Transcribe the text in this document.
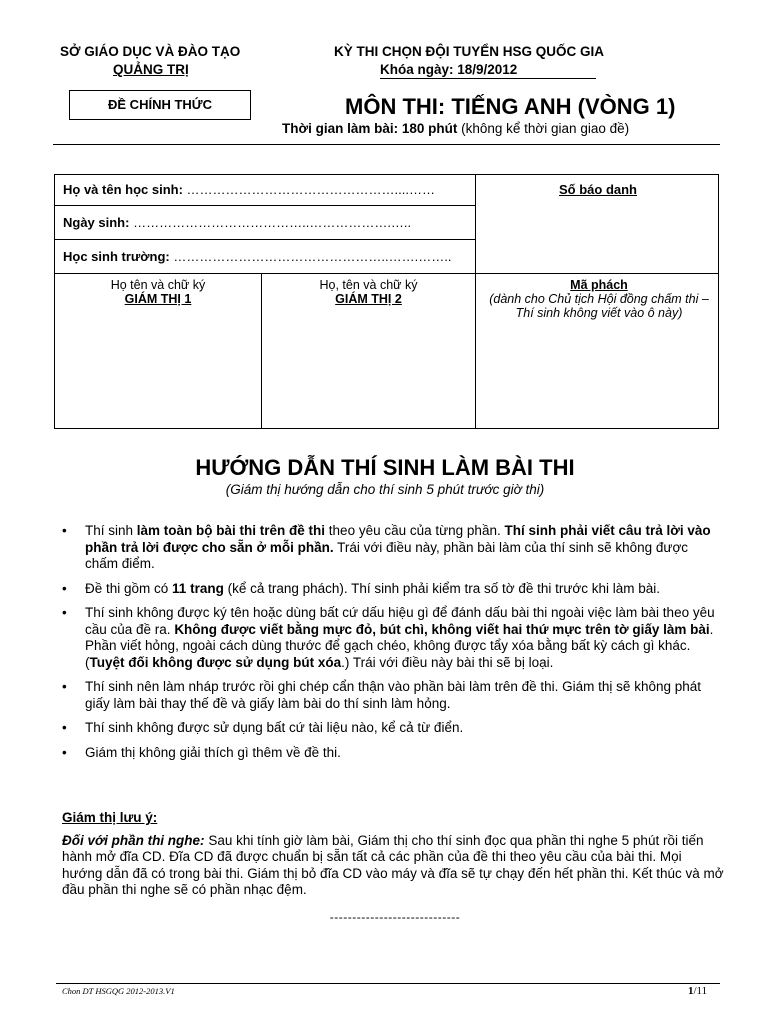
SỞ GIÁO DỤC VÀ ĐÀO TẠO
QUẢNG TRỊ
KỲ THI CHỌN ĐỘI TUYỂN HSG QUỐC GIA
Khóa ngày: 18/9/2012
ĐỀ CHÍNH THỨC	MÔN THI: TIẾNG ANH (VÒNG 1)
Thời gian làm bài: 180 phút (không kể thời gian giao đề)
Họ và tên học sinh: …………………………………………....……
Ngày sinh: …………………………………..……………….…..
Học sinh trường: …………………………………………..…….……..
Số báo danh
Họ tên và chữ ký
GIÁM THỊ 1
Họ, tên và chữ ký
GIÁM THỊ 2
Mã phách
(dành cho Chủ tịch Hội đồng chấm thi – Thí sinh không viết vào ô này)
HƯỚNG DẪN THÍ SINH LÀM BÀI THI
(Giám thị hướng dẫn cho thí sinh 5 phút trước giờ thi)
• Thí sinh làm toàn bộ bài thi trên đề thi theo yêu cầu của từng phần. Thí sinh phải viết câu trả lời vào phần trả lời được cho sẵn ở mỗi phần. Trái với điều này, phần bài làm của thí sinh sẽ không được chấm điểm.
• Đề thi gồm có 11 trang (kể cả trang phách). Thí sinh phải kiểm tra số tờ đề thi trước khi làm bài.
• Thí sinh không được ký tên hoặc dùng bất cứ dấu hiệu gì để đánh dấu bài thi ngoài việc làm bài theo yêu cầu của đề ra. Không được viết bằng mực đỏ, bút chì, không viết hai thứ mực trên tờ giấy làm bài. Phần viết hỏng, ngoài cách dùng thước để gạch chéo, không được tẩy xóa bằng bất kỳ cách gì khác. (Tuyệt đối không được sử dụng bút xóa.) Trái với điều này bài thi sẽ bị loại.
• Thí sinh nên làm nháp trước rồi ghi chép cẩn thận vào phần bài làm trên đề thi. Giám thị sẽ không phát giấy làm bài thay thế đề và giấy làm bài do thí sinh làm hỏng.
• Thí sinh không được sử dụng bất cứ tài liệu nào, kể cả từ điển.
• Giám thị không giải thích gì thêm về đề thi.
Giám thị lưu ý:
Đối với phần thi nghe: Sau khi tính giờ làm bài, Giám thị cho thí sinh đọc qua phần thi nghe 5 phút rồi tiến hành mở đĩa CD. Đĩa CD đã được chuẩn bị sẵn tất cả các phần của đề thi theo yêu cầu của bài thi. Mọi hướng dẫn đã có trong bài thi. Giám thị bỏ đĩa CD vào máy và đĩa sẽ tự chạy đến hết phần thi. Kết thúc và mở đầu phần thi nghe sẽ có phần nhạc đệm.
-----------------------------
Chon DT HSGQG 2012-2013.V1	1/11
